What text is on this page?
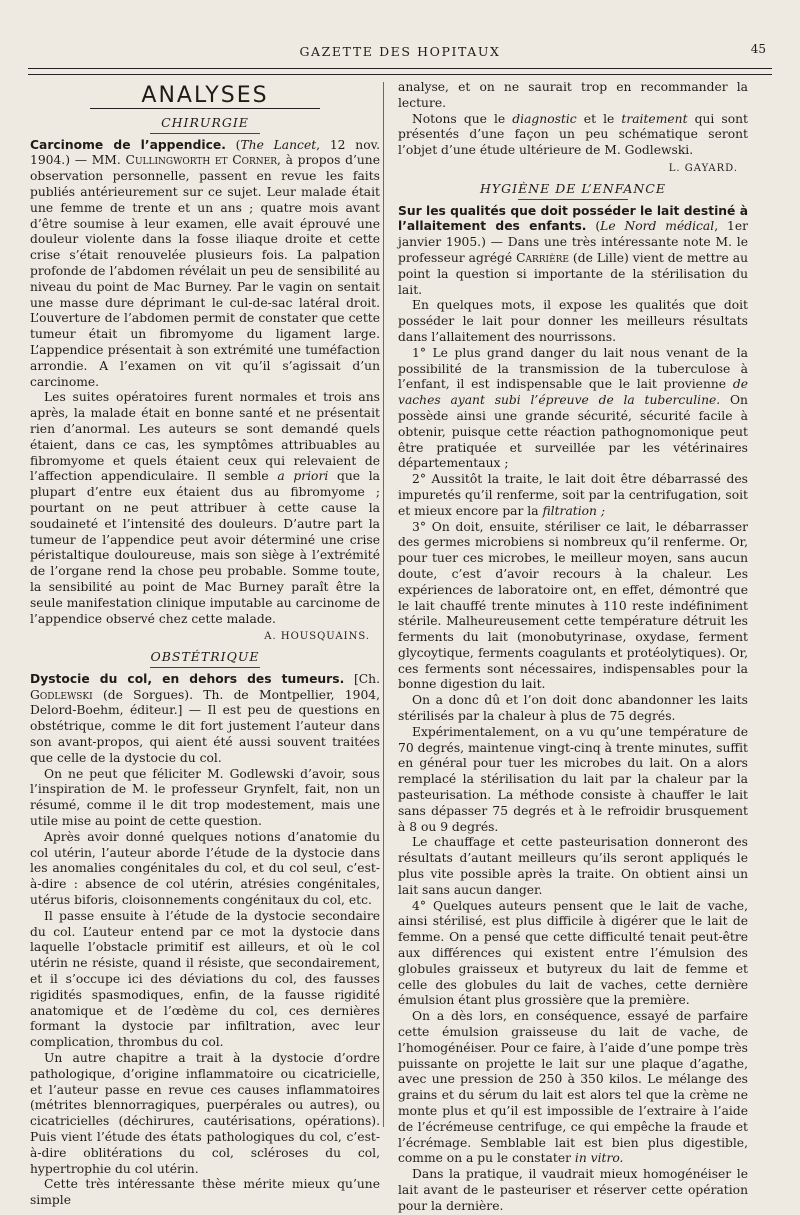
GAZETTE DES HOPITAUX	45
ANALYSES
CHIRURGIE

Carcinome de l’appendice. (The Lancet, 12 nov. 1904.) — MM. Cullingworth et Corner, à propos d’une observation personnelle, passent en revue les faits publiés antérieurement sur ce sujet. Leur malade était une femme de trente et un ans ; quatre mois avant d’être soumise à leur examen, elle avait éprouvé une douleur violente dans la fosse iliaque droite et cette crise s’était renouvelée plusieurs fois. La palpation profonde de l’abdomen révélait un peu de sensibilité au niveau du point de Mac Burney. Par le vagin on sentait une masse dure déprimant le cul-de-sac latéral droit. L’ouverture de l’abdomen permit de constater que cette tumeur était un fibromyome du ligament large. L’appendice présentait à son extrémité une tuméfaction arrondie. A l’examen on vit qu’il s’agissait d’un carcinome.

Les suites opératoires furent normales et trois ans après, la malade était en bonne santé et ne présentait rien d’anormal. Les auteurs se sont demandé quels étaient, dans ce cas, les symptômes attribuables au fibromyome et quels étaient ceux qui relevaient de l’affection appendiculaire. Il semble a priori que la plupart d’entre eux étaient dus au fibromyome ; pourtant on ne peut attribuer à cette cause la soudaineté et l’intensité des douleurs. D’autre part la tumeur de l’appendice peut avoir déterminé une crise péristaltique douloureuse, mais son siège à l’extrémité de l’organe rend la chose peu probable. Somme toute, la sensibilité au point de Mac Burney paraît être la seule manifestation clinique imputable au carcinome de l’appendice observé chez cette malade.

A. HOUSQUAINS.
OBSTÉTRIQUE

Dystocie du col, en dehors des tumeurs. [Ch. Godlewski (de Sorgues). Th. de Montpellier, 1904, Delord-Boehm, éditeur.] — Il est peu de questions en obstétrique, comme le dit fort justement l’auteur dans son avant-propos, qui aient été aussi souvent traitées que celle de la dystocie du col.

On ne peut que féliciter M. Godlewski d’avoir, sous l’inspiration de M. le professeur Grynfelt, fait, non un résumé, comme il le dit trop modestement, mais une utile mise au point de cette question.

Après avoir donné quelques notions d’anatomie du col utérin, l’auteur aborde l’étude de la dystocie dans les anomalies congénitales du col, et du col seul, c’est-à-dire : absence de col utérin, atrésies congénitales, utérus biforis, cloisonnements congénitaux du col, etc.

Il passe ensuite à l’étude de la dystocie secondaire du col. L’auteur entend par ce mot la dystocie dans laquelle l’obstacle primitif est ailleurs, et où le col utérin ne résiste, quand il résiste, que secondairement, et il s’occupe ici des déviations du col, des fausses rigidités spasmodiques, enfin, de la fausse rigidité anatomique et de l’œdème du col, ces dernières formant la dystocie par infiltration, avec leur complication, thrombus du col.

Un autre chapitre a trait à la dystocie d’ordre pathologique, d’origine inflammatoire ou cicatricielle, et l’auteur passe en revue ces causes inflammatoires (métrites blennorragiques, puerpérales ou autres), ou cicatricielles (déchirures, cautérisations, opérations). Puis vient l’étude des états pathologiques du col, c’est-à-dire oblitérations du col, scléroses du col, hypertrophie du col utérin.

Cette très intéressante thèse mérite mieux qu’une simple

analyse, et on ne saurait trop en recommander la lecture.

Notons que le diagnostic et le traitement qui sont présentés d’une façon un peu schématique seront l’objet d’une étude ultérieure de M. Godlewski.

L. GAYARD.
HYGIÈNE DE L’ENFANCE

Sur les qualités que doit posséder le lait destiné à l’allaitement des enfants. (Le Nord médical, 1er janvier 1905.) — Dans une très intéressante note M. le professeur agrégé Carrière (de Lille) vient de mettre au point la question si importante de la stérilisation du lait.

En quelques mots, il expose les qualités que doit posséder le lait pour donner les meilleurs résultats dans l’allaitement des nourrissons.

1° Le plus grand danger du lait nous venant de la possibilité de la transmission de la tuberculose à l’enfant, il est indispensable que le lait provienne de vaches ayant subi l’épreuve de la tuberculine. On possède ainsi une grande sécurité, sécurité facile à obtenir, puisque cette réaction pathognomonique peut être pratiquée et surveillée par les vétérinaires départementaux ;

2° Aussitôt la traite, le lait doit être débarrassé des impuretés qu’il renferme, soit par la centrifugation, soit et mieux encore par la filtration ;

3° On doit, ensuite, stériliser ce lait, le débarrasser des germes microbiens si nombreux qu’il renferme. Or, pour tuer ces microbes, le meilleur moyen, sans aucun doute, c’est d’avoir recours à la chaleur. Les expériences de laboratoire ont, en effet, démontré que le lait chauffé trente minutes à 110 reste indéfiniment stérile. Malheureusement cette température détruit les ferments du lait (monobutyrinase, oxydase, ferment glycoytique, ferments coagulants et protéolytiques). Or, ces ferments sont nécessaires, indispensables pour la bonne digestion du lait.

On a donc dû et l’on doit donc abandonner les laits stérilisés par la chaleur à plus de 75 degrés.

Expérimentalement, on a vu qu’une température de 70 degrés, maintenue vingt-cinq à trente minutes, suffit en général pour tuer les microbes du lait. On a alors remplacé la stérilisation du lait par la chaleur par la pasteurisation. La méthode consiste à chauffer le lait sans dépasser 75 degrés et à le refroidir brusquement à 8 ou 9 degrés.

Le chauffage et cette pasteurisation donneront des résultats d’autant meilleurs qu’ils seront appliqués le plus vite possible après la traite. On obtient ainsi un lait sans aucun danger.

4° Quelques auteurs pensent que le lait de vache, ainsi stérilisé, est plus difficile à digérer que le lait de femme. On a pensé que cette difficulté tenait peut-être aux différences qui existent entre l’émulsion des globules graisseux et butyreux du lait de femme et celle des globules du lait de vaches, cette dernière émulsion étant plus grossière que la première.

On a dès lors, en conséquence, essayé de parfaire cette émulsion graisseuse du lait de vache, de l’homogénéiser. Pour ce faire, à l’aide d’une pompe très puissante on projette le lait sur une plaque d’agathe, avec une pression de 250 à 350 kilos. Le mélange des grains et du sérum du lait est alors tel que la crème ne monte plus et qu’il est impossible de l’extraire à l’aide de l’écrémeuse centrifuge, ce qui empêche la fraude et l’écrémage. Semblable lait est bien plus digestible, comme on a pu le constater in vitro.

Dans la pratique, il vaudrait mieux homogénéiser le lait avant de le pasteuriser et réserver cette opération pour la dernière.
